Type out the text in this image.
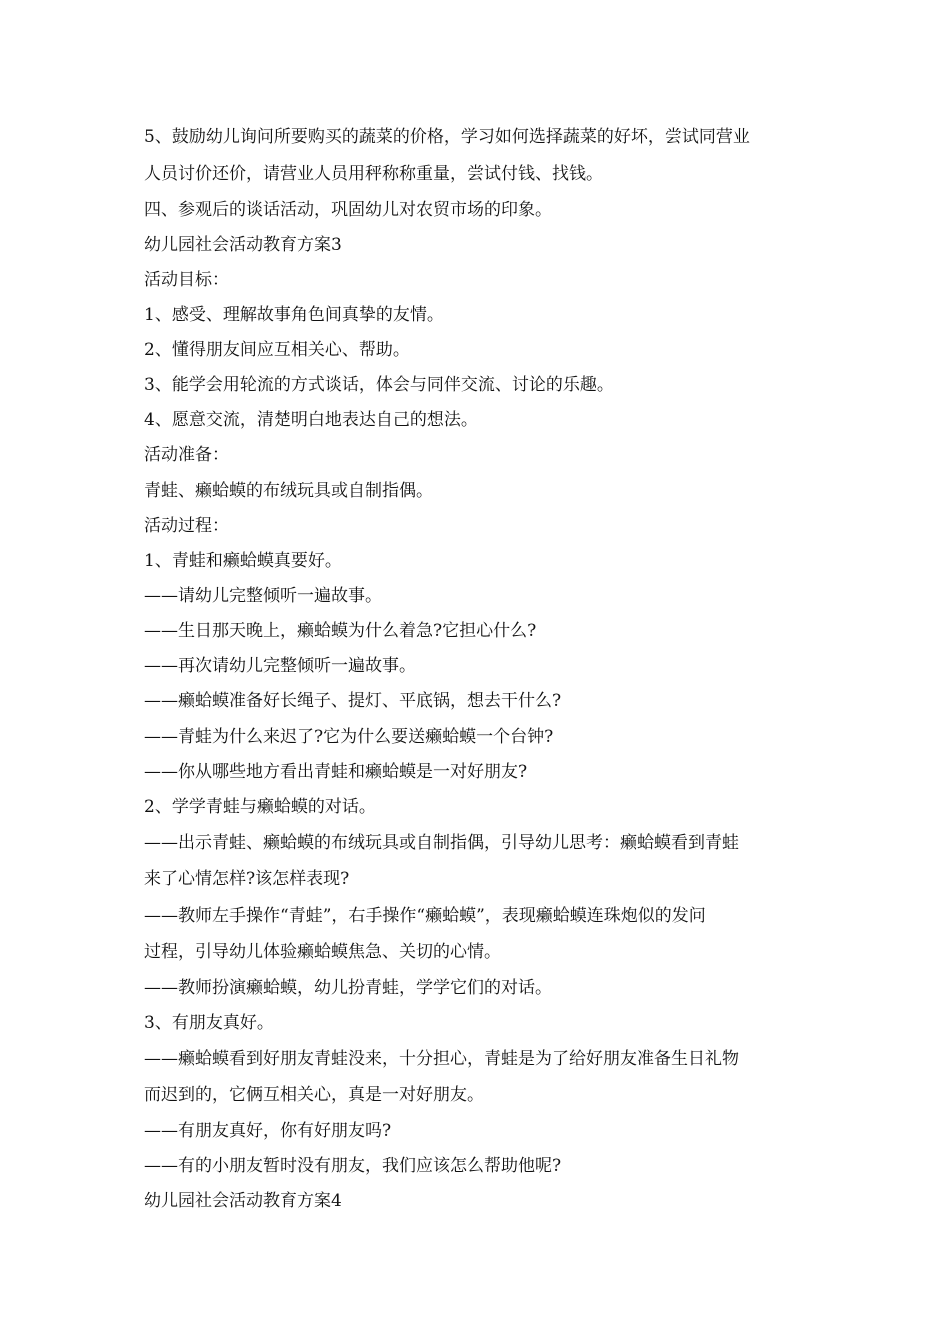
5、鼓励幼儿询问所要购买的蔬菜的价格，学习如何选择蔬菜的好坏，尝试同营业
人员讨价还价，请营业人员用秤称称重量，尝试付钱、找钱。
四、参观后的谈话活动，巩固幼儿对农贸市场的印象。
幼儿园社会活动教育方案3
活动目标：
1、感受、理解故事角色间真挚的友情。
2、懂得朋友间应互相关心、帮助。
3、能学会用轮流的方式谈话，体会与同伴交流、讨论的乐趣。
4、愿意交流，清楚明白地表达自己的想法。
活动准备：
青蛙、癞蛤蟆的布绒玩具或自制指偶。
活动过程：
1、青蛙和癞蛤蟆真要好。
——请幼儿完整倾听一遍故事。
——生日那天晚上，癞蛤蟆为什么着急?它担心什么?
——再次请幼儿完整倾听一遍故事。
——癞蛤蟆准备好长绳子、提灯、平底锅，想去干什么?
——青蛙为什么来迟了?它为什么要送癞蛤蟆一个台钟?
——你从哪些地方看出青蛙和癞蛤蟆是一对好朋友?
2、学学青蛙与癞蛤蟆的对话。
——出示青蛙、癞蛤蟆的布绒玩具或自制指偶，引导幼儿思考：癞蛤蟆看到青蛙
来了心情怎样?该怎样表现?
——教师左手操作“青蛙”，右手操作“癞蛤蟆”，表现癞蛤蟆连珠炮似的发问
过程，引导幼儿体验癞蛤蟆焦急、关切的心情。
——教师扮演癞蛤蟆，幼儿扮青蛙，学学它们的对话。
3、有朋友真好。
——癞蛤蟆看到好朋友青蛙没来，十分担心，青蛙是为了给好朋友准备生日礼物
而迟到的，它俩互相关心，真是一对好朋友。
——有朋友真好，你有好朋友吗?
——有的小朋友暂时没有朋友，我们应该怎么帮助他呢?
幼儿园社会活动教育方案4
